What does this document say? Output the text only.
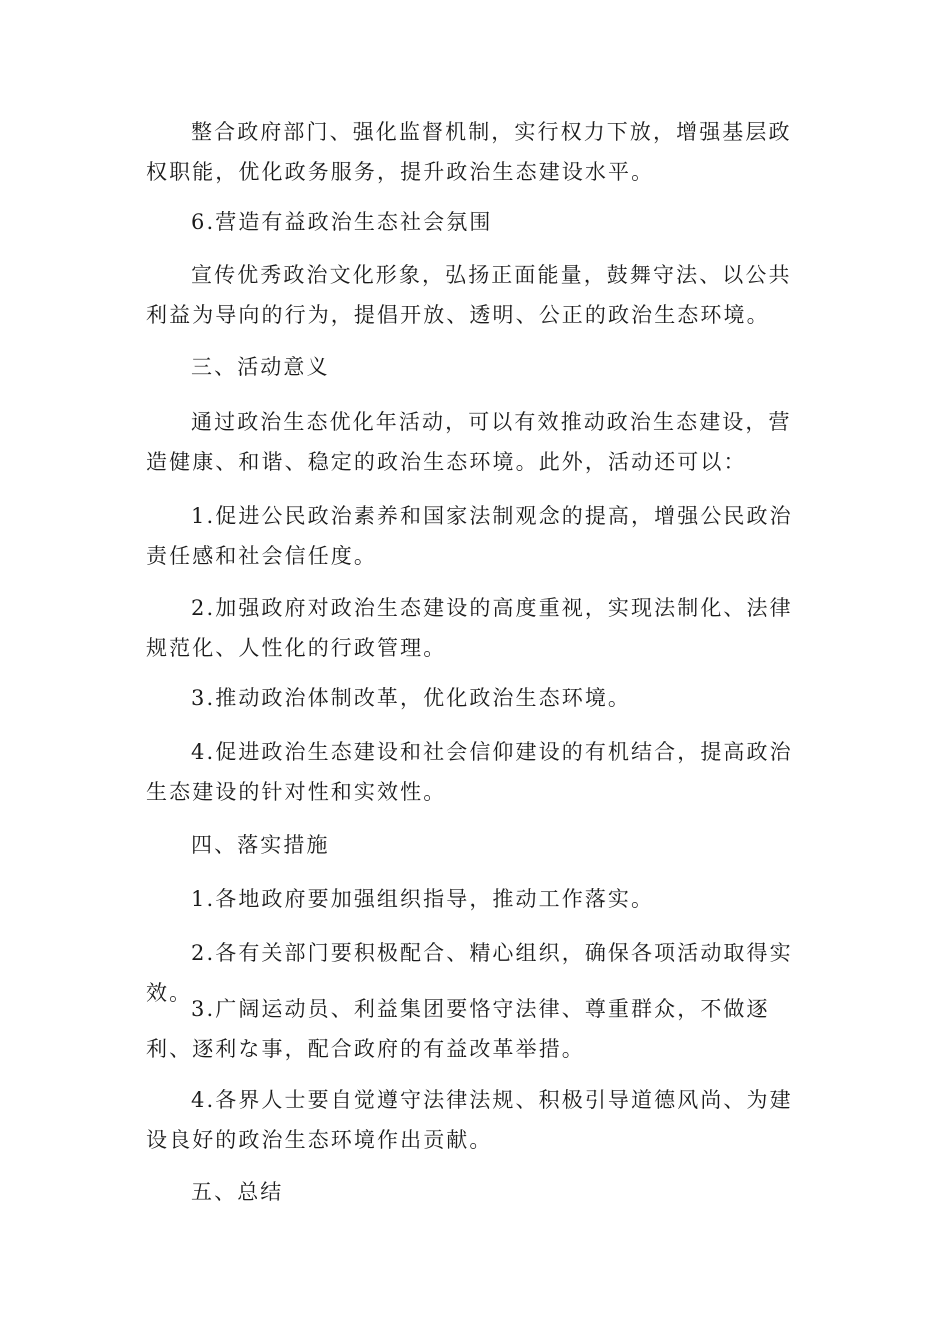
整合政府部门、强化监督机制，实行权力下放，增强基层政权职能，优化政务服务，提升政治生态建设水平。

6.营造有益政治生态社会氛围

宣传优秀政治文化形象，弘扬正面能量，鼓舞守法、以公共利益为导向的行为，提倡开放、透明、公正的政治生态环境。

三、活动意义

通过政治生态优化年活动，可以有效推动政治生态建设，营造健康、和谐、稳定的政治生态环境。此外，活动还可以：

1.促进公民政治素养和国家法制观念的提高，增强公民政治责任感和社会信任度。

2.加强政府对政治生态建设的高度重视，实现法制化、法律规范化、人性化的行政管理。

3.推动政治体制改革，优化政治生态环境。

4.促进政治生态建设和社会信仰建设的有机结合，提高政治生态建设的针对性和实效性。

四、落实措施

1.各地政府要加强组织指导，推动工作落实。

2.各有关部门要积极配合、精心组织，确保各项活动取得实效。

3.广阔运动员、利益集团要恪守法律、尊重群众，不做逐利、逐利な事，配合政府的有益改革举措。

4.各界人士要自觉遵守法律法规、积极引导道德风尚、为建设良好的政治生态环境作出贡献。

五、总结
